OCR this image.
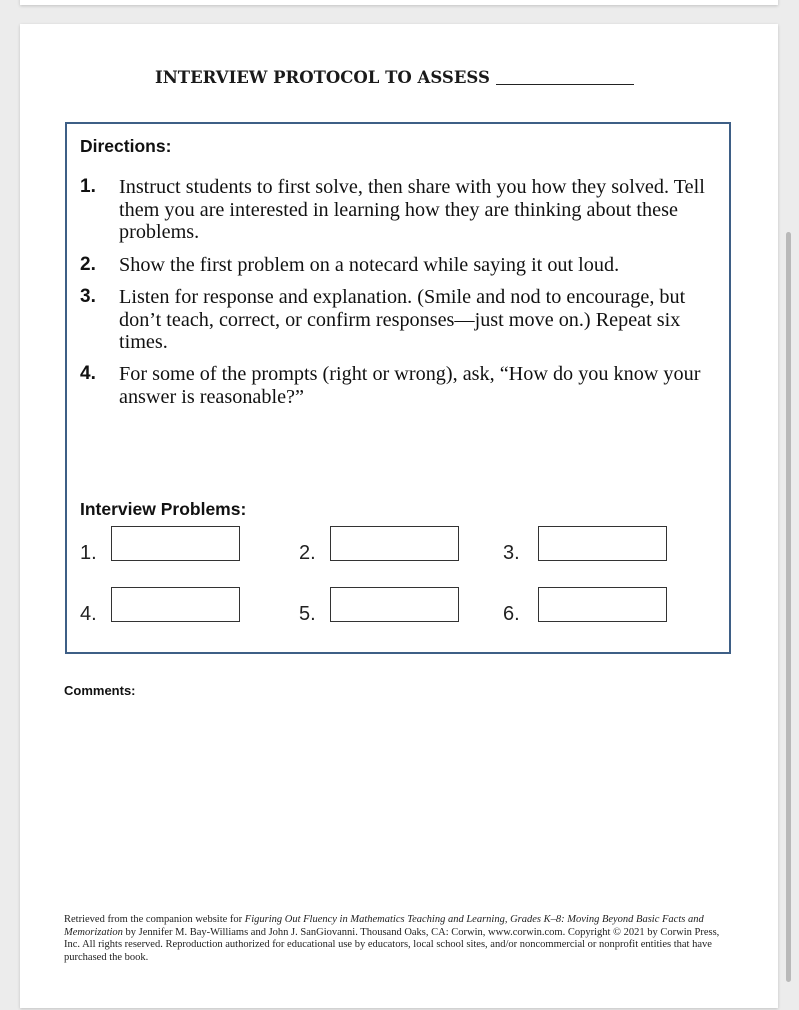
INTERVIEW PROTOCOL TO ASSESS
Directions:
1. Instruct students to first solve, then share with you how they solved. Tell them you are interested in learning how they are thinking about these problems.
2. Show the first problem on a notecard while saying it out loud.
3. Listen for response and explanation. (Smile and nod to encourage, but don’t teach, correct, or confirm responses—just move on.) Repeat six times.
4. For some of the prompts (right or wrong), ask, “How do you know your answer is reasonable?”
Interview Problems:
1.	2.	3.
4.	5.	6.
Comments:
Retrieved from the companion website for Figuring Out Fluency in Mathematics Teaching and Learning, Grades K–8: Moving Beyond Basic Facts and Memorization by Jennifer M. Bay-Williams and John J. SanGiovanni. Thousand Oaks, CA: Corwin, www.corwin.com. Copyright © 2021 by Corwin Press, Inc. All rights reserved. Reproduction authorized for educational use by educators, local school sites, and/or noncommercial or nonprofit entities that have purchased the book.
